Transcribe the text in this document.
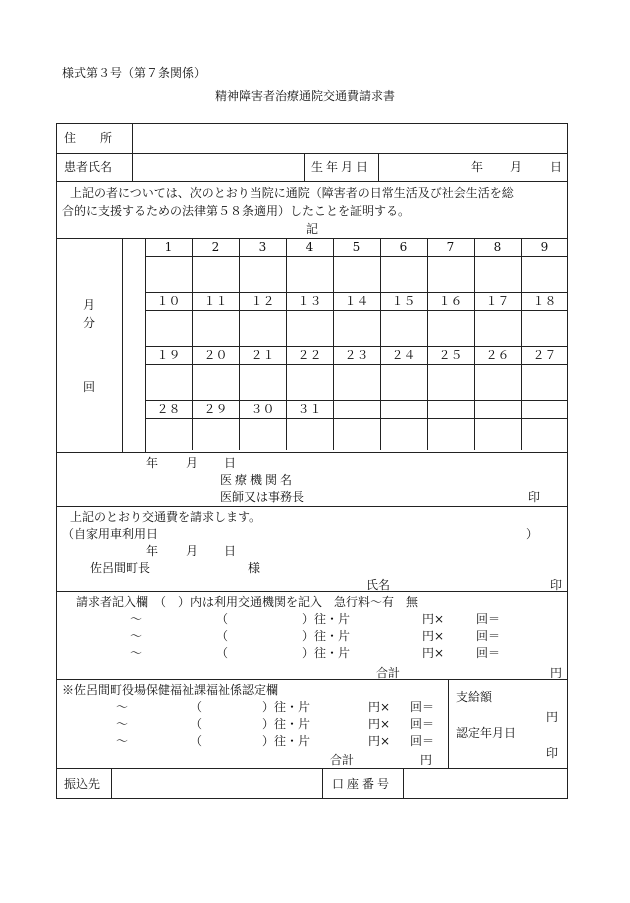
様式第３号（第７条関係）
精神障害者治療通院交通費請求書
住　　所
患者氏名	生年月日	年 月 日
上記の者については、次のとおり当院に通院（障害者の日常生活及び社会生活を総
合的に支援するための法律第５８条適用）したことを証明する。
記
月
分
回
1	2	3	4	5	6	7	8	9
１０	１１	１２	１３	１４	１５	１６	１７	１８
１９	２０	２１	２２	２３	２４	２５	２６	２７
２８	２９	３０	３１
年 月 日
医療機関名
医師又は事務長	印
上記のとおり交通費を請求します。
（自家用車利用日	）
年 月 日
佐呂間町長	様
氏名	印
請求者記入欄　（　）内は利用交通機関を記入　急行料～有　無
～	（	）往・片	円×	回＝
～	（	）往・片	円×	回＝
～	（	）往・片	円×	回＝
合計	円
※佐呂間町役場保健福祉課福祉係認定欄
～	（	）往・片	円× 回＝
～	（	）往・片	円× 回＝
～	（	）往・片	円× 回＝
合計	円
支給額
円
認定年月日
印
振込先	口座番号
